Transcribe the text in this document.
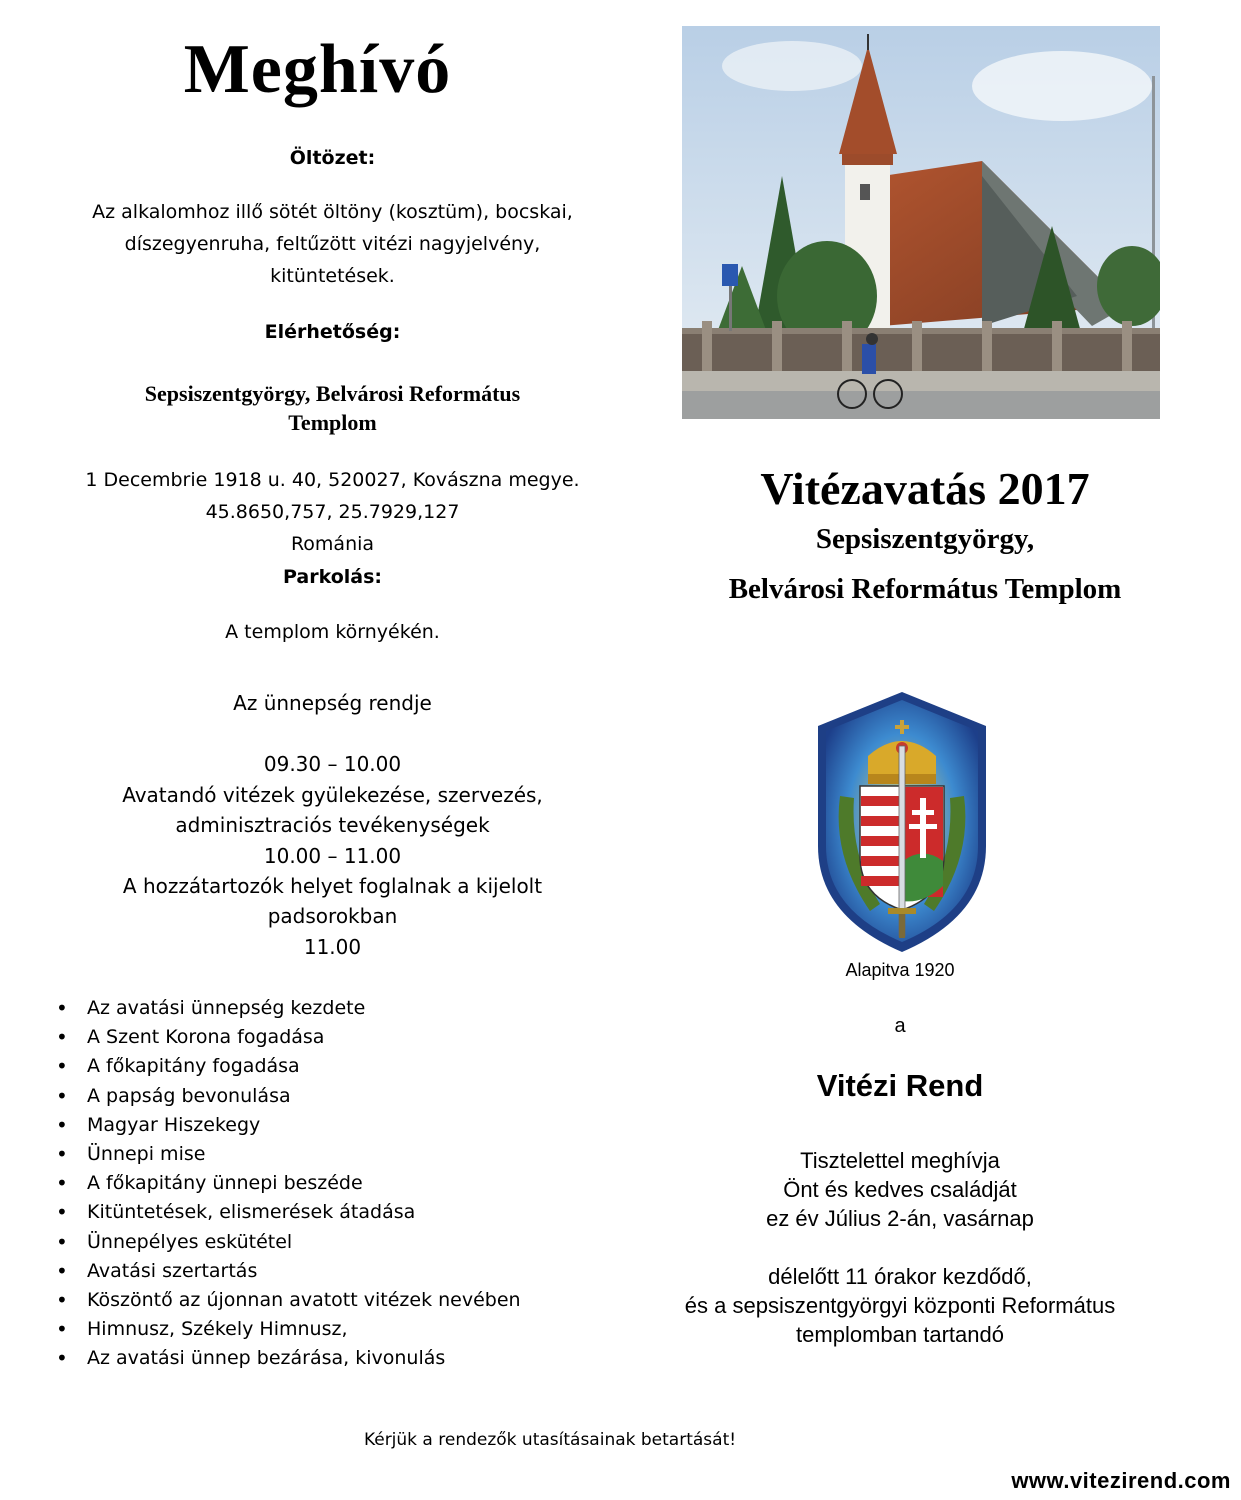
Meghívó
Öltözet:
Az alkalomhoz illő sötét öltöny (kosztüm), bocskai,
díszegyenruha, feltűzött vitézi nagyjelvény,
kitüntetések.
Elérhetőség:
Sepsiszentgyörgy, Belvárosi Református
Templom
1 Decembrie 1918 u. 40, 520027, Kovászna megye.
45.8650,757, 25.7929,127
Románia
Parkolás:
A templom környékén.
Az ünnepség rendje
09.30 – 10.00
Avatandó vitézek gyülekezése, szervezés,
adminisztraciós tevékenységek
10.00 – 11.00
A hozzátartozók helyet foglalnak a kijelolt
padsorokban
11.00
• Az avatási ünnepség kezdete
• A Szent Korona fogadása
• A főkapitány fogadása
• A papság bevonulása
• Magyar Hiszekegy
• Ünnepi mise
• A főkapitány ünnepi beszéde
• Kitüntetések, elismerések átadása
• Ünnepélyes eskütétel
• Avatási szertartás
• Köszöntő az újonnan avatott vitézek nevében
• Himnusz, Székely Himnusz,
• Az avatási ünnep bezárása, kivonulás
Kérjük a rendezők utasításainak betartását!
www.vitezirend.com
Vitézavatás 2017
Sepsiszentgyörgy,
Belvárosi Református Templom
Alapitva 1920
a
Vitézi Rend
Tisztelettel meghívja
Önt és kedves családját
ez év Július 2-án, vasárnap
délelőtt 11 órakor kezdődő,
és a sepsiszentgyörgyi központi Református
templomban tartandó
